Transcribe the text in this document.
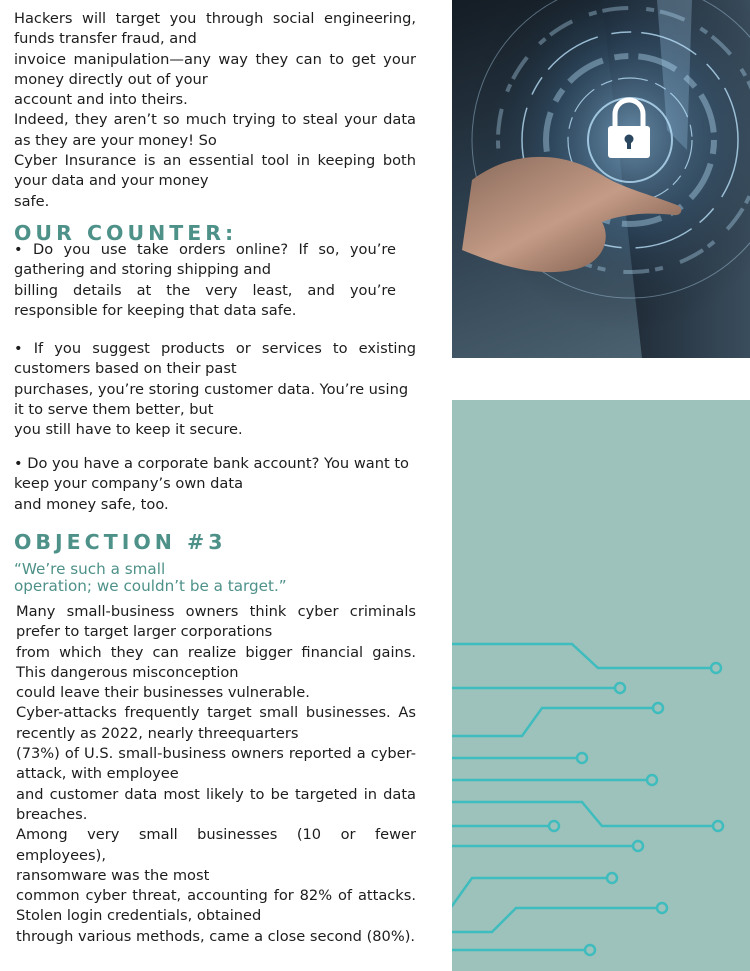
Hackers will target you through social engineering,
funds transfer fraud, and
invoice manipulation—any way they can to get your
money directly out of your
account and into theirs.
Indeed, they aren’t so much trying to steal your data
as they are your money! So
Cyber Insurance is an essential tool in keeping both
your data and your money
safe.
OUR COUNTER:
• Do you use take orders online? If so, you’re
gathering and storing shipping and
billing details at the very least, and you’re
responsible for keeping that data safe.
• If you suggest products or services to existing
customers based on their past
purchases, you’re storing customer data. You’re using
it to serve them better, but
you still have to keep it secure.
• Do you have a corporate bank account? You want to
keep your company’s own data
and money safe, too.
OBJECTION #3

“We’re such a small

operation; we couldn’t be a target.”

Many small-business owners think cyber criminals
prefer to target larger corporations
from which they can realize bigger financial gains.
This dangerous misconception
could leave their businesses vulnerable.
Cyber-attacks frequently target small businesses. As
recently as 2022, nearly threequarters
(73%) of U.S. small-business owners reported a cyber-
attack, with employee
and customer data most likely to be targeted in data
breaches.
Among very small businesses (10 or fewer employees),
ransomware was the most
common cyber threat, accounting for 82% of attacks.
Stolen login credentials, obtained
through various methods, came a close second (80%).
